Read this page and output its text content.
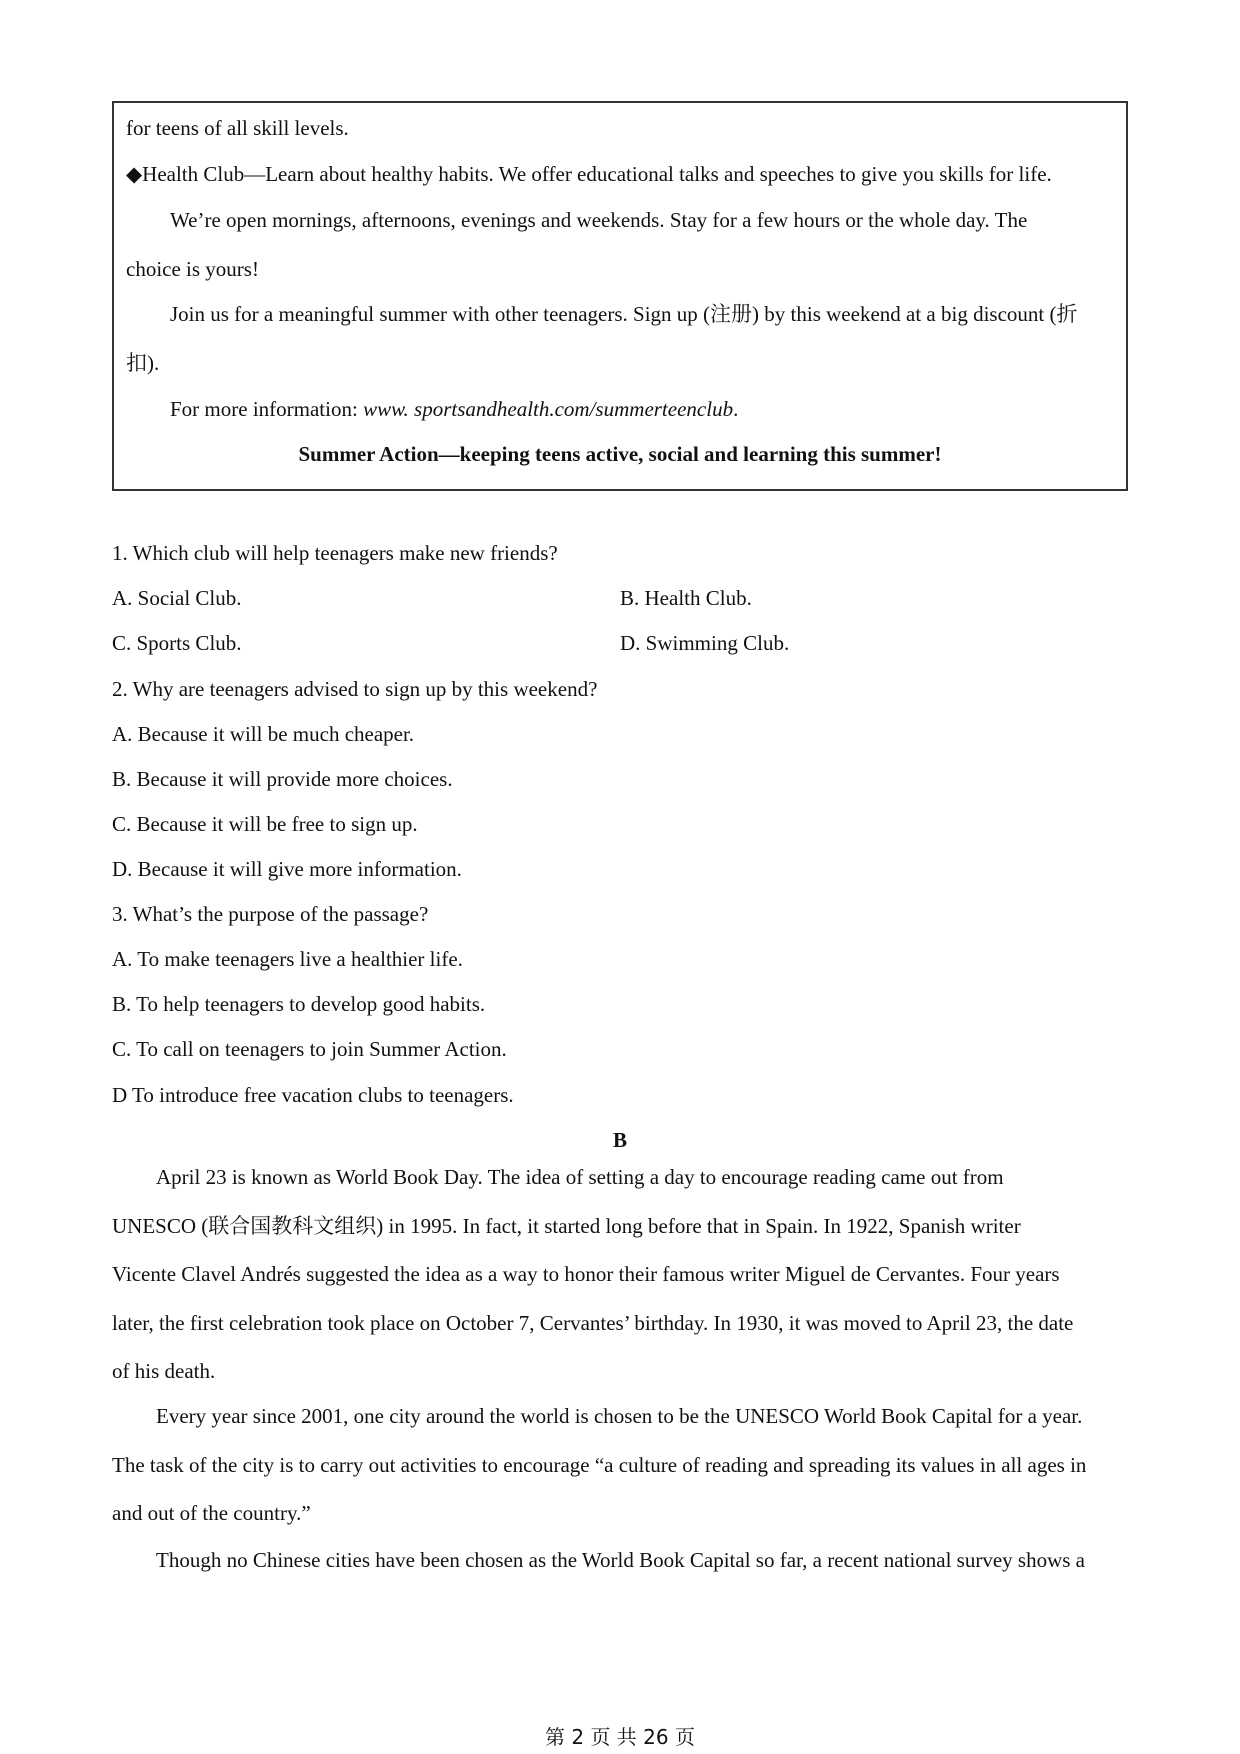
for teens of all skill levels.
◆Health Club—Learn about healthy habits. We offer educational talks and speeches to give you skills for life.
We’re open mornings, afternoons, evenings and weekends. Stay for a few hours or the whole day. The
choice is yours!
Join us for a meaningful summer with other teenagers. Sign up (注册) by this weekend at a big discount (折
扣).
For more information: www. sportsandhealth.com/summerteenclub.
Summer Action—keeping teens active, social and learning this summer!
1. Which club will help teenagers make new friends?
A. Social Club.	B. Health Club.
C. Sports Club.	D. Swimming Club.
2. Why are teenagers advised to sign up by this weekend?
A. Because it will be much cheaper.
B. Because it will provide more choices.
C. Because it will be free to sign up.
D. Because it will give more information.
3. What’s the purpose of the passage?
A. To make teenagers live a healthier life.
B. To help teenagers to develop good habits.
C. To call on teenagers to join Summer Action.
D To introduce free vacation clubs to teenagers.
B
April 23 is known as World Book Day. The idea of setting a day to encourage reading came out from
UNESCO (联合国教科文组织) in 1995. In fact, it started long before that in Spain. In 1922, Spanish writer
Vicente Clavel Andrés suggested the idea as a way to honor their famous writer Miguel de Cervantes. Four years
later, the first celebration took place on October 7, Cervantes’ birthday. In 1930, it was moved to April 23, the date
of his death.
Every year since 2001, one city around the world is chosen to be the UNESCO World Book Capital for a year.
The task of the city is to carry out activities to encourage “a culture of reading and spreading its values in all ages in
and out of the country.”
Though no Chinese cities have been chosen as the World Book Capital so far, a recent national survey shows a
第 2 页 共 26 页
